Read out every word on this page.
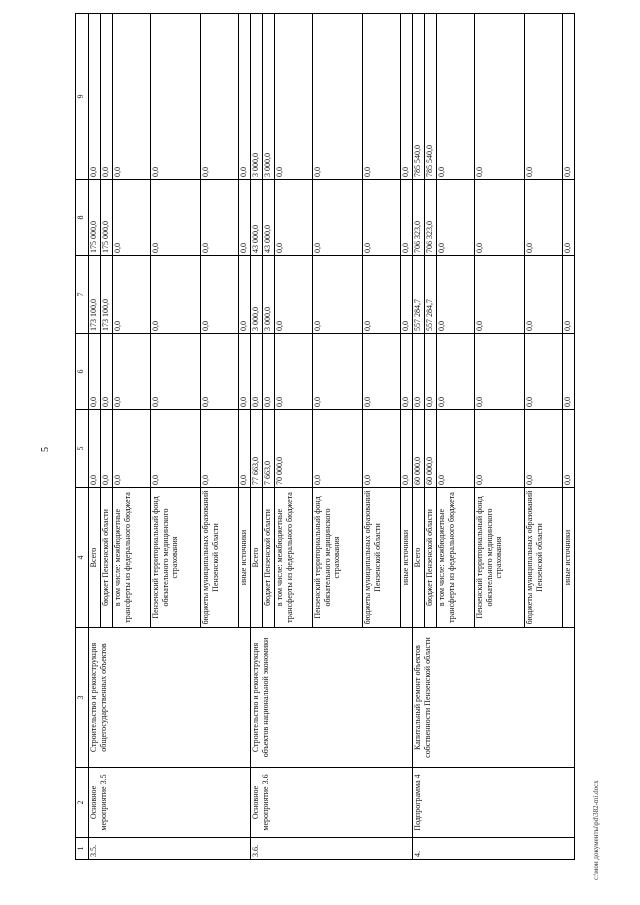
5
1	2	3	4	5	6	7	8	9
3.5.	Основное мероприятие 3.5	Строительство и реконструкция общегосударственных объектов	Всего	0,0	0,0	173 100,0	175 000,0	0,0
			бюджет Пензенской области	0,0	0,0	173 100,0	175 000,0	0,0
			в том числе: межбюджетные трансферты из федерального бюджета	0,0	0,0	0,0	0,0	0,0
			Пензенский территориальный фонд обязательного медицинского страхования	0,0	0,0	0,0	0,0	0,0
			бюджеты муниципальных образований Пензенской области	0,0	0,0	0,0	0,0	0,0
			иные источники	0,0	0,0	0,0	0,0	0,0
3.6.	Основное мероприятие 3.6	Строительство и реконструкция объектов национальной экономики	Всего	77 663,0	0,0	3 000,0	43 000,0	3 000,0
			бюджет Пензенской области	7 663,0	0,0	3 000,0	43 000,0	3 000,0
			в том числе: межбюджетные трансферты из федерального бюджета	70 000,0	0,0	0,0	0,0	0,0
			Пензенский территориальный фонд обязательного медицинского страхования	0,0	0,0	0,0	0,0	0,0
			бюджеты муниципальных образований Пензенской области	0,0	0,0	0,0	0,0	0,0
			иные источники	0,0	0,0	0,0	0,0	0,0
4.	Подпрограмма 4	Капитальный ремонт объектов собственности Пензенской области	Всего	60 000,0	0,0	557 284,7	706 323,0	785 540,0
			бюджет Пензенской области	60 000,0	0,0	557 284,7	706 323,0	785 540,0
			в том числе: межбюджетные трансферты из федерального бюджета	0,0	0,0	0,0	0,0	0,0
			Пензенский территориальный фонд обязательного медицинского страхования	0,0	0,0	0,0	0,0	0,0
			бюджеты муниципальных образований Пензенской области	0,0	0,0	0,0	0,0	0,0
			иные источники	0,0	0,0	0,0	0,0	0,0
c:\мои документы\pd\382-mi.docx
